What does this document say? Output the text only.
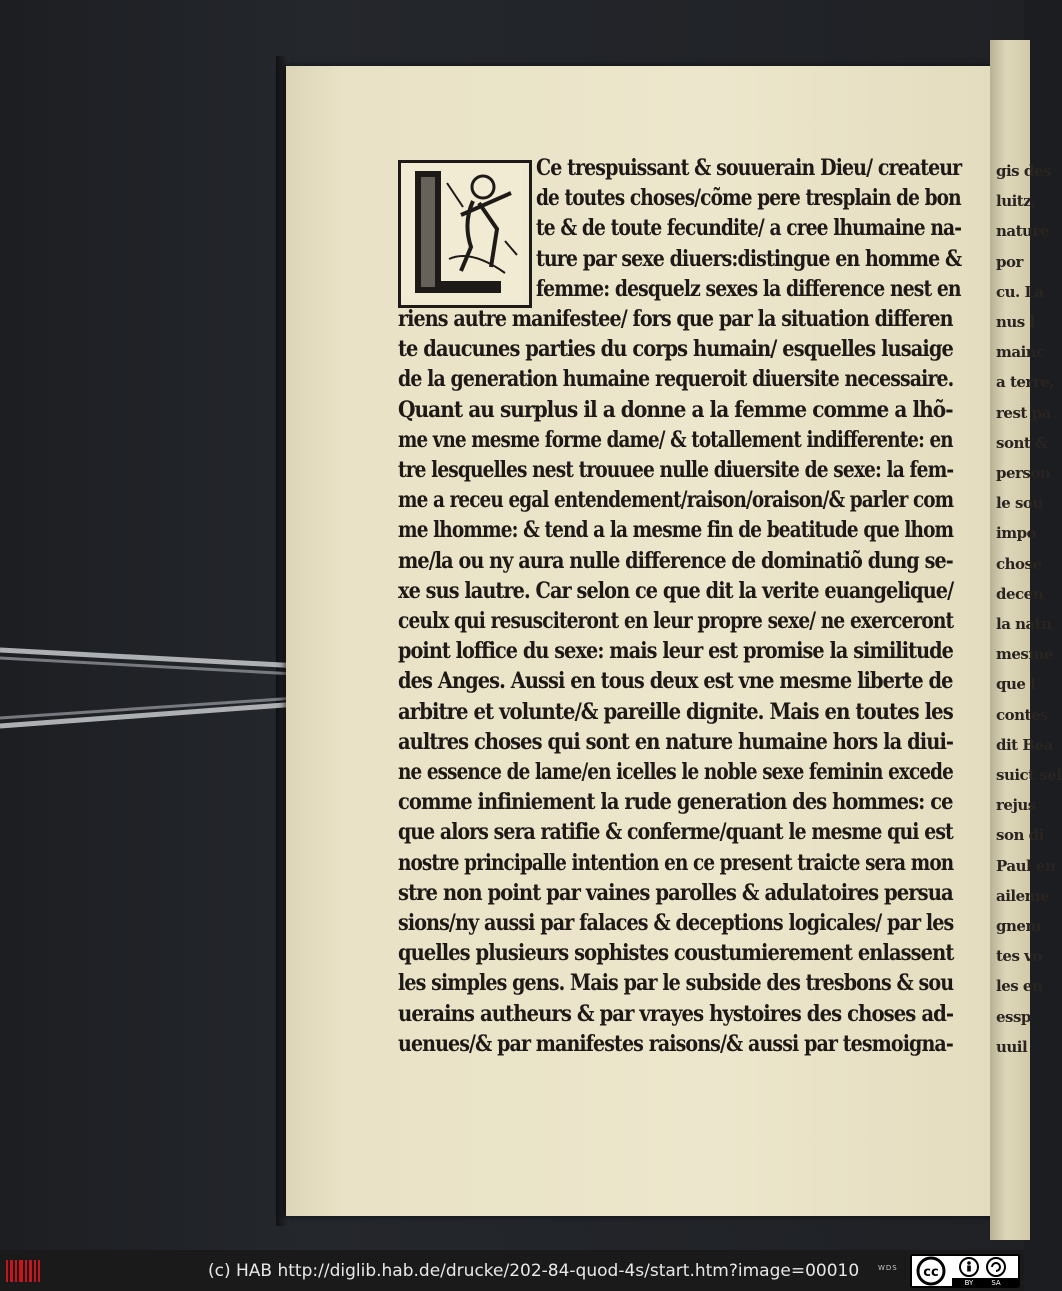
gis des
luitz,
nature
por
cu. La
nus l
mainc
a terre,
rest pa
sont &
person
le sou
impo
chose
decen
la natu
mesme
que l
contes
dit Bea
suict sel
rejus
son di
Paul en
aileme
gnem
tes vo
les en
essp
uuil
Ce trespuissant & souuerain Dieu/ createur
de toutes choses/cõme pere tresplain de bon
te & de toute fecundite/ a cree lhumaine na-
ture par sexe diuers:distingue en homme &
femme: desquelz sexes la difference nest en
riens autre manifestee/ fors que par la situation differen
te daucunes parties du corps humain/ esquelles lusaige
de la generation humaine requeroit diuersite necessaire.
Quant au surplus il a donne a la femme comme a lhõ-
me vne mesme forme dame/ & totallement indifferente: en
tre lesquelles nest trouuee nulle diuersite de sexe: la fem-
me a receu egal entendement/raison/oraison/& parler com
me lhomme: & tend a la mesme fin de beatitude que lhom
me/la ou ny aura nulle difference de dominatiõ dung se-
xe sus lautre. Car selon ce que dit la verite euangelique/
ceulx qui resusciteront en leur propre sexe/ ne exerceront
point loffice du sexe: mais leur est promise la similitude
des Anges. Aussi en tous deux est vne mesme liberte de
arbitre et volunte/& pareille dignite. Mais en toutes les
aultres choses qui sont en nature humaine hors la diui-
ne essence de lame/en icelles le noble sexe feminin excede
comme infiniement la rude generation des hommes: ce
que alors sera ratifie & conferme/quant le mesme qui est
nostre principalle intention en ce present traicte sera mon
stre non point par vaines parolles & adulatoires persua
sions/ny aussi par falaces & deceptions logicales/ par les
quelles plusieurs sophistes coustumierement enlassent
les simples gens. Mais par le subside des tresbons & sou
uerains autheurs & par vrayes hystoires des choses ad-
uenues/& par manifestes raisons/& aussi par tesmoigna-
(c) HAB http://diglib.hab.de/drucke/202-84-quod-4s/start.htm?image=00010	WDS cc
BY	SA
